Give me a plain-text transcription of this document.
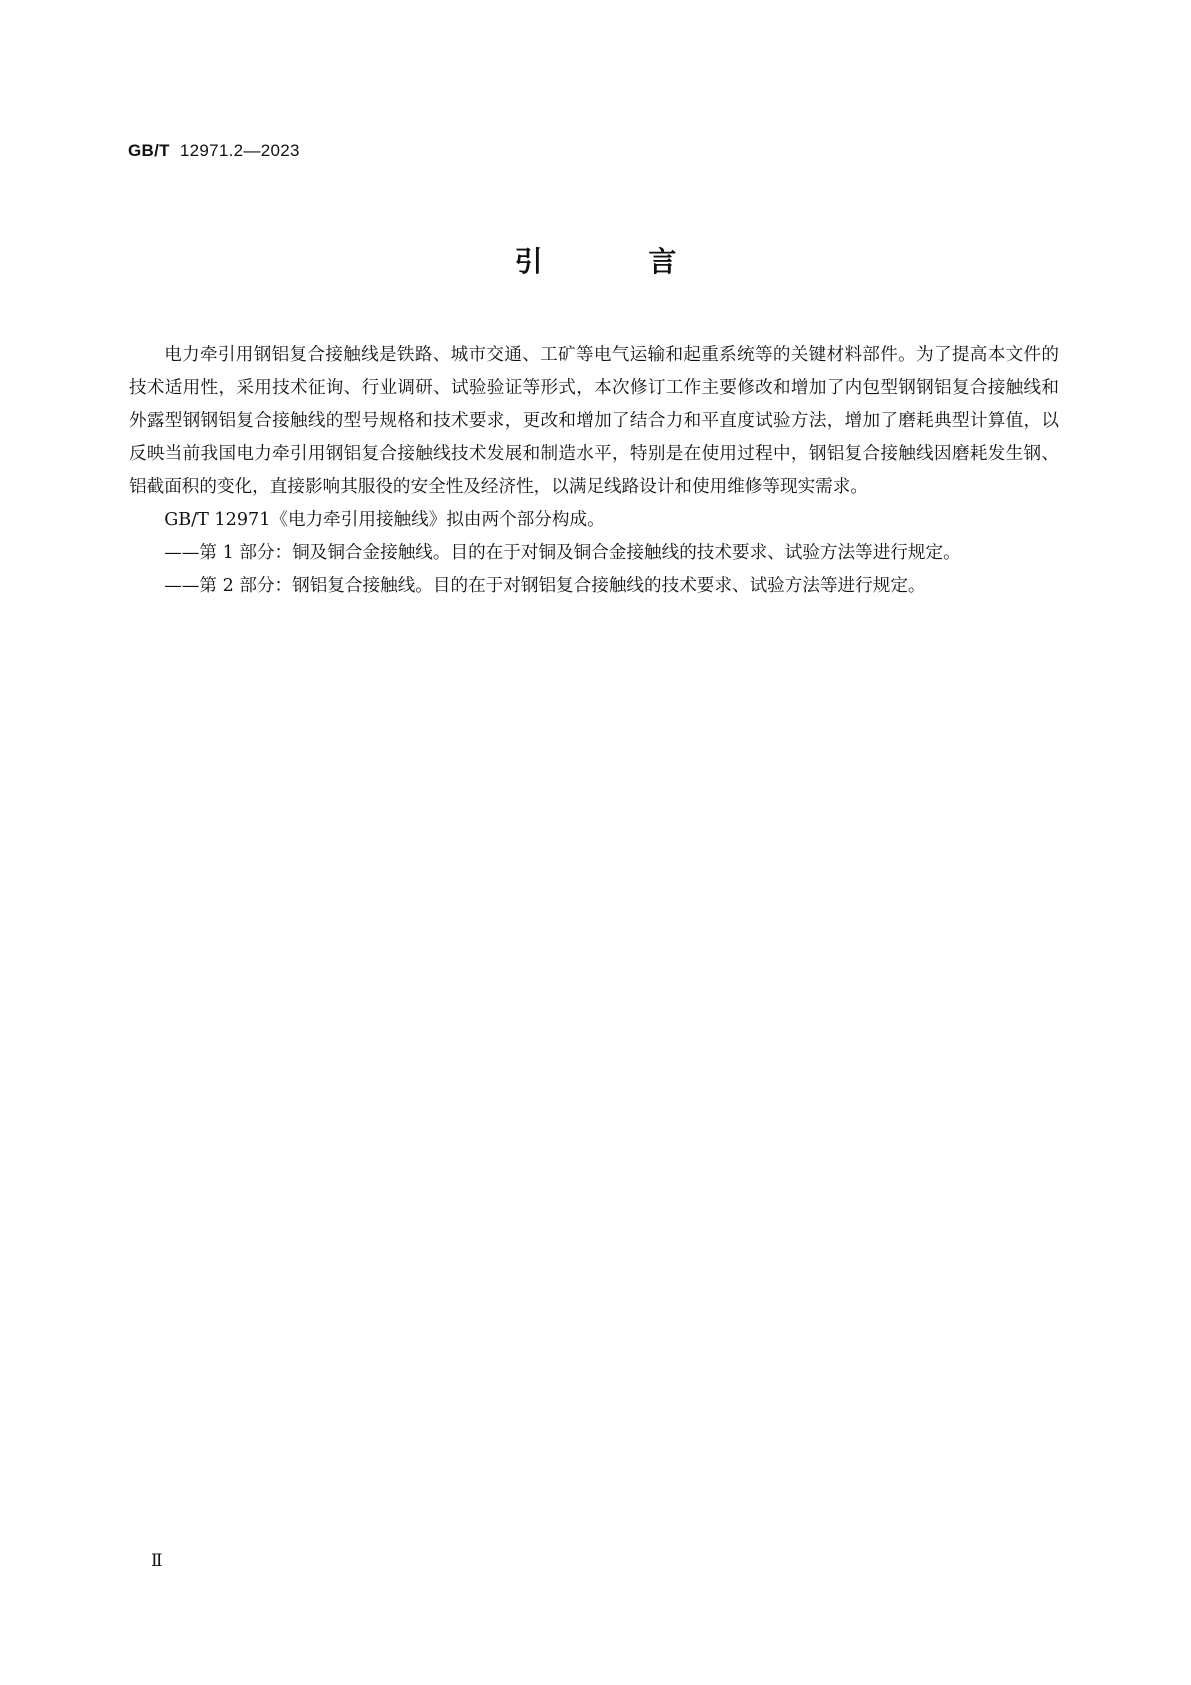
GB/T 12971.2—2023
引 言

电力牵引用钢铝复合接触线是铁路、城市交通、工矿等电气运输和起重系统等的关键材料部件。为了提高本文件的技术适用性，采用技术征询、行业调研、试验验证等形式，本次修订工作主要修改和增加了内包型钢钢铝复合接触线和外露型钢钢铝复合接触线的型号规格和技术要求，更改和增加了结合力和平直度试验方法，增加了磨耗典型计算值，以反映当前我国电力牵引用钢铝复合接触线技术发展和制造水平，特别是在使用过程中，钢铝复合接触线因磨耗发生钢、铝截面积的变化，直接影响其服役的安全性及经济性，以满足线路设计和使用维修等现实需求。

GB/T 12971《电力牵引用接触线》拟由两个部分构成。

——第 1 部分：铜及铜合金接触线。目的在于对铜及铜合金接触线的技术要求、试验方法等进行规定。

——第 2 部分：钢铝复合接触线。目的在于对钢铝复合接触线的技术要求、试验方法等进行规定。

Ⅱ
